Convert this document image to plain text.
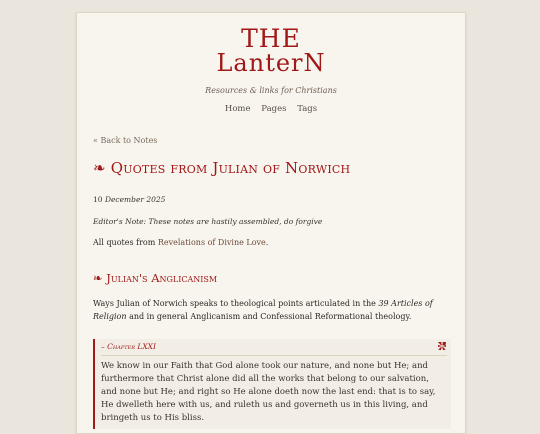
THE
LanterN
Resources & links for Christians
Home Pages Tags
« Back to Notes
❧ Quotes from Julian of Norwich
10 December 2025
Editor's Note: These notes are hastily assembled, do forgive
All quotes from Revelations of Divine Love.
❧ Julian's Anglicanism
Ways Julian of Norwich speaks to theological points articulated in the 39 Articles of Religion and in general Anglicanism and Confessional Reformational theology.
– Chapter LXXI
We know in our Faith that God alone took our nature, and none but He; and furthermore that Christ alone did all the works that belong to our salvation, and none but He; and right so He alone doeth now the last end: that is to say, He dwelleth here with us, and ruleth us and governeth us in this living, and bringeth us to His bliss.
